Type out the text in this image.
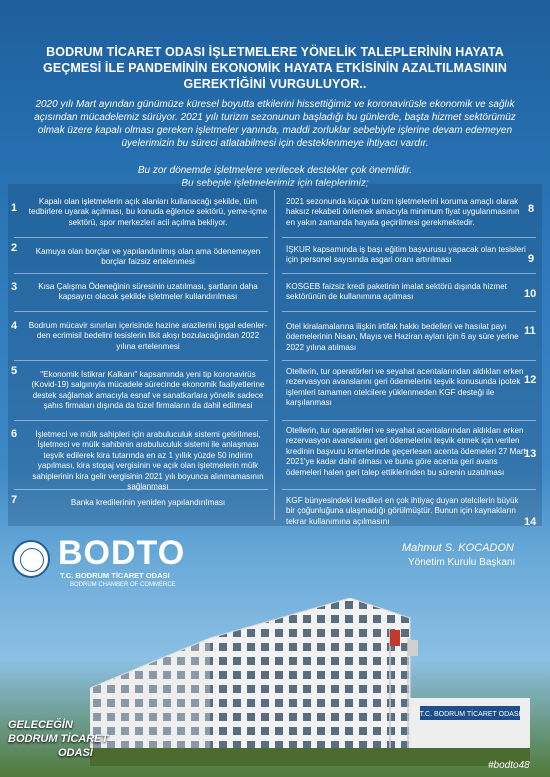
BODRUM TİCARET ODASI İŞLETMELERE YÖNELİK TALEPLERİNİN HAYATA GEÇMESİ İLE PANDEMİNİN EKONOMİK HAYATA ETKİSİNİN AZALTILMASININ GEREKTİĞİNİ VURGULUYOR..
2020 yılı Mart ayından günümüze küresel boyutta etkilerini hissettiğimiz ve koronavirüsle ekonomik ve sağlık açısından mücadelemiz sürüyor. 2021 yılı turizm sezonunun başladığı bu günlerde, başta hizmet sektörümüz olmak üzere kapalı olması gereken işletmeler yanında, maddi zorluklar sebebiyle işlerine devam edemeyen üyelerimizin bu süreci atlatabilmesi için desteklenmeye ihtiyacı vardır.
Bu zor dönemde işletmelere verilecek destekler çok önemlidir.
Bu sebeple işletmelerimiz için taleplerimiz;
1
Kapalı olan işletmelerin açık alanları kullanacağı şekilde, tüm tedbirlere uyarak açılması, bu konuda eğlence sektörü, yeme-içme sektörü, spor merkezleri acil açılma bekliyor.
2	Kamuya olan borçlar ve yapılandırılmış olan ama ödenemeyen borçlar faizsiz ertelenmesi
3	Kısa Çalışma Ödeneğinin süresinin uzatılması, şartların daha kapsayıcı olacak şekilde işletmeler kullandırılması
4 Bodrum mücavir sınırları içerisinde hazine arazilerini işgal edenler-den ecrimisil bedelini tesislerin likit akışı bozulacağından 2022 yılına ertelenmesi
5	"Ekonomik İstikrar Kalkanı" kapsamında yeni tip koronavirüs (Kovid-19) salgınıyla mücadele sürecinde ekonomik faaliyetlerine destek sağlamak amacıyla esnaf ve sanatkarlara yönelik sadece şahıs firmaları dışında da tüzel firmaların da dahil edilmesi
6	İşletmeci ve mülk sahipleri için arabuluculuk sistemi getirilmesi, İşletmeci ve mülk sahibinin arabuluculuk sistemi ile anlaşması teşvik edilerek kira tutarında en az 1 yıllık yüzde 50 indirim yapılması, kira stopaj vergisinin ve açık olan işletmelerin mülk sahiplerinin kira gelir vergisinin 2021 yılı boyunca alınmamasının sağlanması
7	Banka kredilerinin yeniden yapılandırılması
8
2021 sezonunda küçük turizm işletmelerini koruma amaçlı olarak haksız rekabeti önlemek amacıyla minimum fiyat uygulanmasının en yakın zamanda hayata geçirilmesi gerekmektedir.
9
İŞKUR kapsamında iş başı eğitim başvurusu yapacak olan tesisleri için personel sayısında asgari oranı artırılması
10
KOSGEB faizsiz kredi paketinin imalat sektörü dışında hizmet sektörünün de kullanımına açılması
11
Otel kiralamalarına ilişkin irtifak hakkı bedelleri ve hasılat payı ödemelerinin Nisan, Mayıs ve Haziran ayları için 6 ay süre yerine 2022 yılına atılması
12
Otellerin, tur operatörleri ve seyahat acentalarından aldıkları erken rezervasyon avanslarını geri ödemelerini teşvik konusunda ipotek işlemleri tamamen otelcilere yüklenmeden KGF desteği ile karşılanması
13
Otellerin, tur operatörleri ve seyahat acentalarından aldıkları erken rezervasyon avanslarını geri ödemelerini teşvik etmek için verilen kredinin başvuru kriterlerinde geçerlesen acenta ödemeleri 27 Mart 2021'ye kadar dahil olması ve buna göre acenta geri avans ödemeleri halen geri talep ettiklerinden bu sürenin uzatılması
14
KGF bünyesindeki kredileri en çok ihtiyaç duyan otelcilerin büyük bir çoğunluğuna ulaşmadığı görülmüştür. Bunun için kaynakların tekrar kullanımına açılmasını
BODTO
T.C. BODRUM TİCARET ODASI
BODRUM CHAMBER OF COMMERCE
Mahmut S. KOCADON
Yönetim Kurulu Başkanı
T.C. BODRUM TİCARET ODASI
GELECEĞİN
BODRUM TİCARET
ODASI
#bodto48
